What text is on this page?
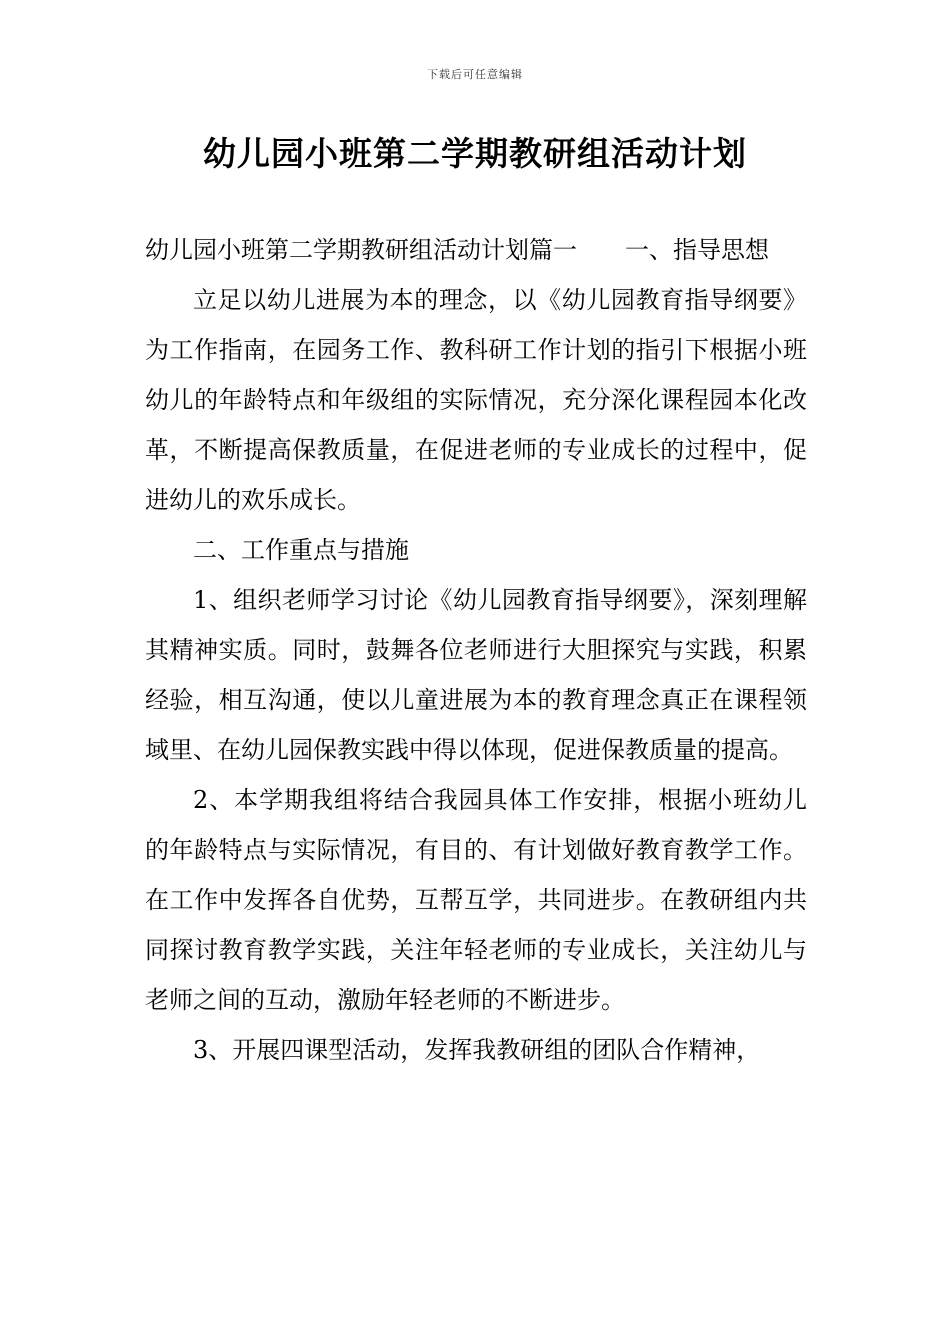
下载后可任意编辑
幼儿园小班第二学期教研组活动计划

幼儿园小班第二学期教研组活动计划篇一　　一、指导思想

立足以幼儿进展为本的理念，以《幼儿园教育指导纲要》为工作指南，在园务工作、教科研工作计划的指引下根据小班幼儿的年龄特点和年级组的实际情况，充分深化课程园本化改革，不断提高保教质量，在促进老师的专业成长的过程中，促进幼儿的欢乐成长。

二、工作重点与措施

1、组织老师学习讨论《幼儿园教育指导纲要》，深刻理解其精神实质。同时，鼓舞各位老师进行大胆探究与实践，积累经验，相互沟通，使以儿童进展为本的教育理念真正在课程领域里、在幼儿园保教实践中得以体现，促进保教质量的提高。

2、本学期我组将结合我园具体工作安排，根据小班幼儿的年龄特点与实际情况，有目的、有计划做好教育教学工作。在工作中发挥各自优势，互帮互学，共同进步。在教研组内共同探讨教育教学实践，关注年轻老师的专业成长，关注幼儿与老师之间的互动，激励年轻老师的不断进步。

3、开展四课型活动，发挥我教研组的团队合作精神，
